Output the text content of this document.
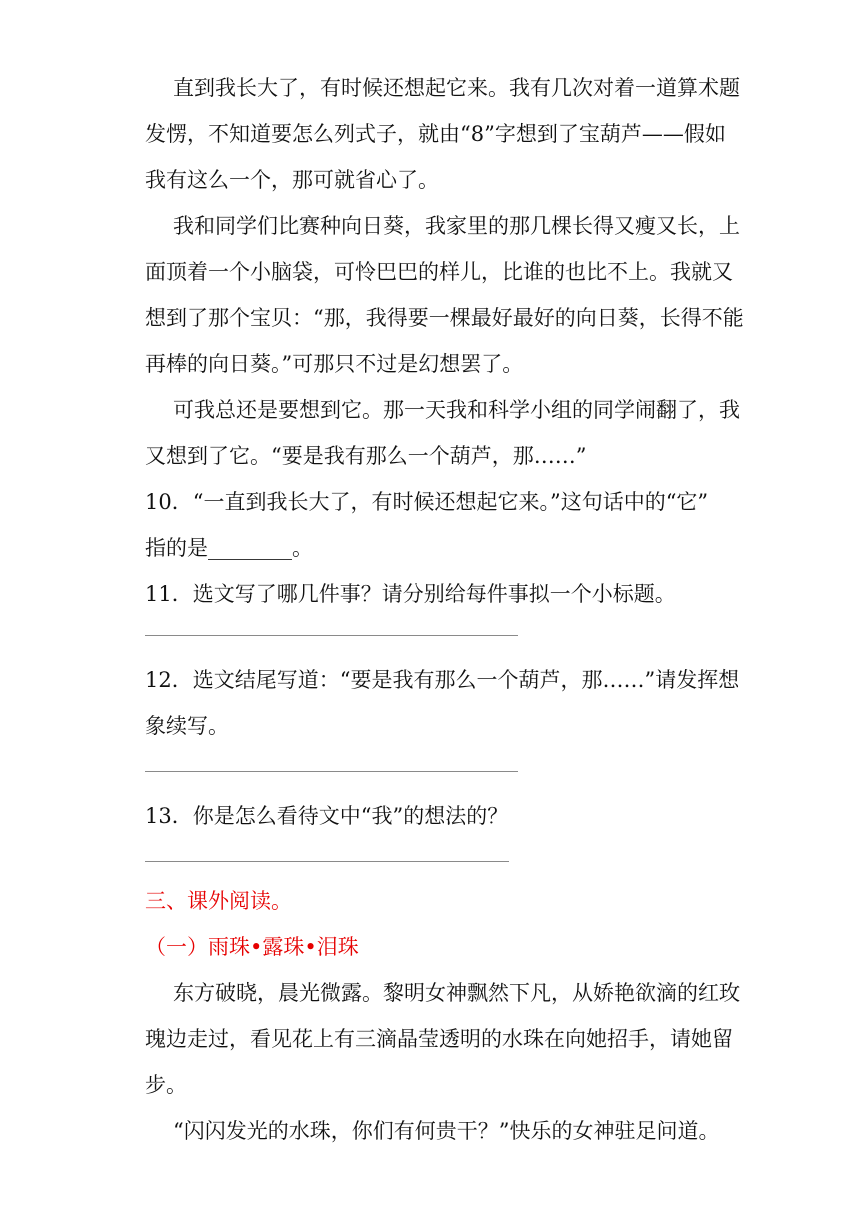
直到我长大了，有时候还想起它来。我有几次对着一道算术题
发愣，不知道要怎么列式子，就由“8”字想到了宝葫芦——假如
我有这么一个，那可就省心了。
我和同学们比赛种向日葵，我家里的那几棵长得又瘦又长，上
面顶着一个小脑袋，可怜巴巴的样儿，比谁的也比不上。我就又
想到了那个宝贝：“那，我得要一棵最好最好的向日葵，长得不能
再棒的向日葵。”可那只不过是幻想罢了。
可我总还是要想到它。那一天我和科学小组的同学闹翻了，我
又想到了它。“要是我有那么一个葫芦，那……”
10．“一直到我长大了，有时候还想起它来。”这句话中的“它”
指的是________。
11．选文写了哪几件事？请分别给每件事拟一个小标题。
12．选文结尾写道：“要是我有那么一个葫芦，那……”请发挥想
象续写。
13．你是怎么看待文中“我”的想法的？
三、课外阅读。
（一）雨珠•露珠•泪珠
东方破晓，晨光微露。黎明女神飘然下凡，从娇艳欲滴的红玫
瑰边走过，看见花上有三滴晶莹透明的水珠在向她招手，请她留
步。
“闪闪发光的水珠，你们有何贵干？”快乐的女神驻足问道。
